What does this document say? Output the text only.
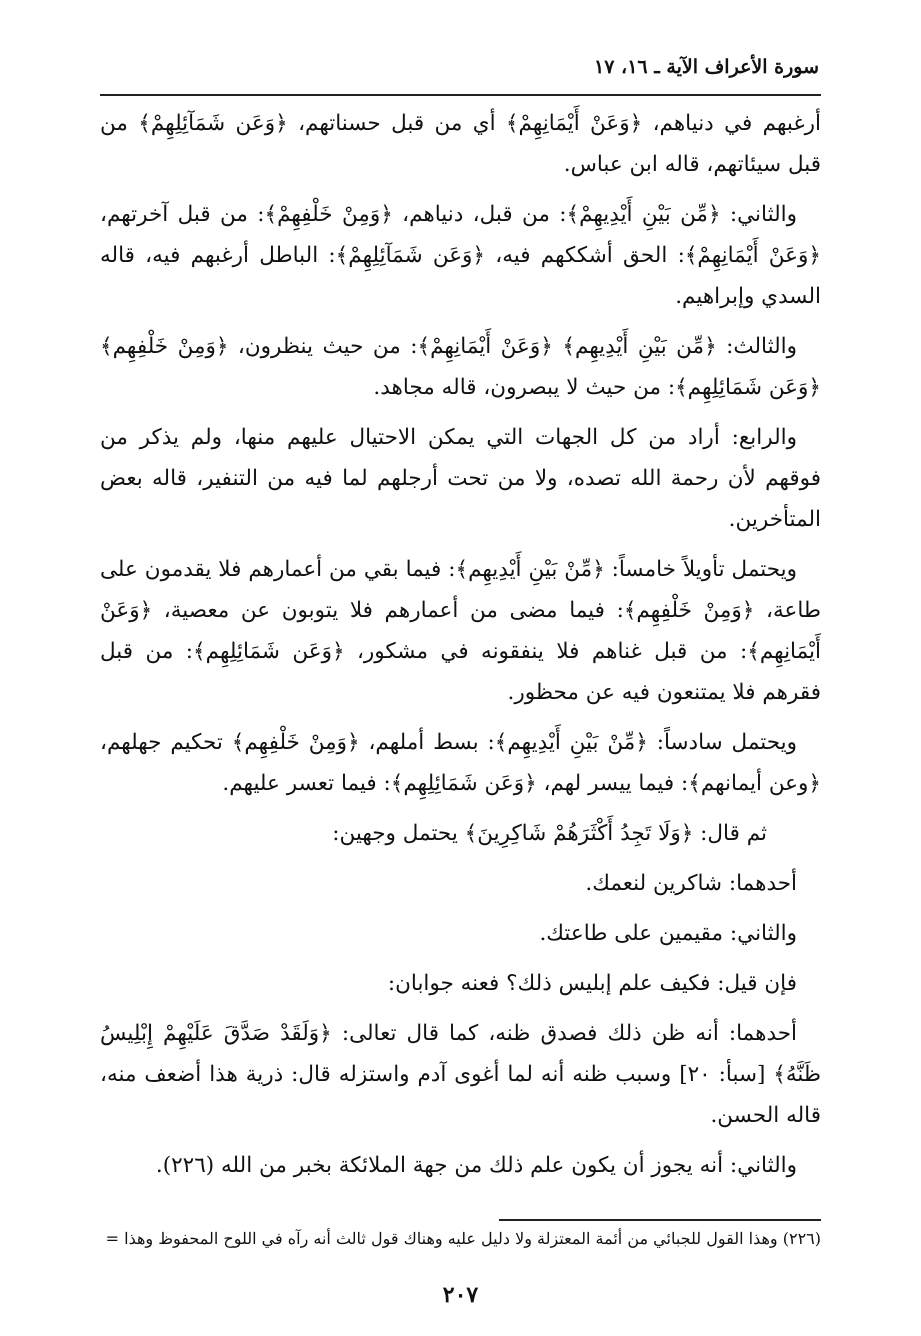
سورة الأعراف الآية ـ ١٦، ١٧

أرغبهم في دنياهم، ﴿وَعَنْ أَيْمَانِهِمْ﴾ أي من قبل حسناتهم، ﴿وَعَن شَمَآئِلِهِمْ﴾ من قبل سيئاتهم، قاله ابن عباس.

والثاني: ﴿مِّن بَيْنِ أَيْدِيهِمْ﴾: من قبل، دنياهم، ﴿وَمِنْ خَلْفِهِمْ﴾: من قبل آخرتهم، ﴿وَعَنْ أَيْمَانِهِمْ﴾: الحق أشككهم فيه، ﴿وَعَن شَمَآئِلِهِمْ﴾: الباطل أرغبهم فيه، قاله السدي وإبراهيم.

والثالث: ﴿مِّن بَيْنِ أَيْدِيهِم﴾ ﴿وَعَنْ أَيْمَانِهِمْ﴾: من حيث ينظرون، ﴿وَمِنْ خَلْفِهِم﴾ ﴿وَعَن شَمَائِلِهِم﴾: من حيث لا يبصرون، قاله مجاهد.

والرابع: أراد من كل الجهات التي يمكن الاحتيال عليهم منها، ولم يذكر من فوقهم لأن رحمة الله تصده، ولا من تحت أرجلهم لما فيه من التنفير، قاله بعض المتأخرين.

ويحتمل تأويلاً خامساً: ﴿مِّنْ بَيْنِ أَيْدِيهِم﴾: فيما بقي من أعمارهم فلا يقدمون على طاعة، ﴿وَمِنْ خَلْفِهِم﴾: فيما مضى من أعمارهم فلا يتوبون عن معصية، ﴿وَعَنْ أَيْمَانِهِم﴾: من قبل غناهم فلا ينفقونه في مشكور، ﴿وَعَن شَمَائِلِهِم﴾: من قبل فقرهم فلا يمتنعون فيه عن محظور.

ويحتمل سادساً: ﴿مِّنْ بَيْنِ أَيْدِيهِم﴾: بسط أملهم، ﴿وَمِنْ خَلْفِهِم﴾ تحكيم جهلهم، ﴿وعن أيمانهم﴾: فيما ييسر لهم، ﴿وَعَن شَمَائِلِهِم﴾: فيما تعسر عليهم.

ثم قال: ﴿وَلَا تَجِدُ أَكْثَرَهُمْ شَاكِرِينَ﴾ يحتمل وجهين:

أحدهما: شاكرين لنعمك.

والثاني: مقيمين على طاعتك.

فإن قيل: فكيف علم إبليس ذلك؟ فعنه جوابان:

أحدهما: أنه ظن ذلك فصدق ظنه، كما قال تعالى: ﴿وَلَقَدْ صَدَّقَ عَلَيْهِمْ إِبْلِيسُ ظَنَّهُ﴾ [سبأ: ٢٠] وسبب ظنه أنه لما أغوى آدم واستزله قال: ذرية هذا أضعف منه، قاله الحسن.

والثاني: أنه يجوز أن يكون علم ذلك من جهة الملائكة بخبر من الله (٢٢٦).

(٢٢٦) وهذا القول للجبائي من أئمة المعتزلة ولا دليل عليه وهناك قول ثالث أنه رآه في اللوح المحفوظ وهذا =
٢٠٧
